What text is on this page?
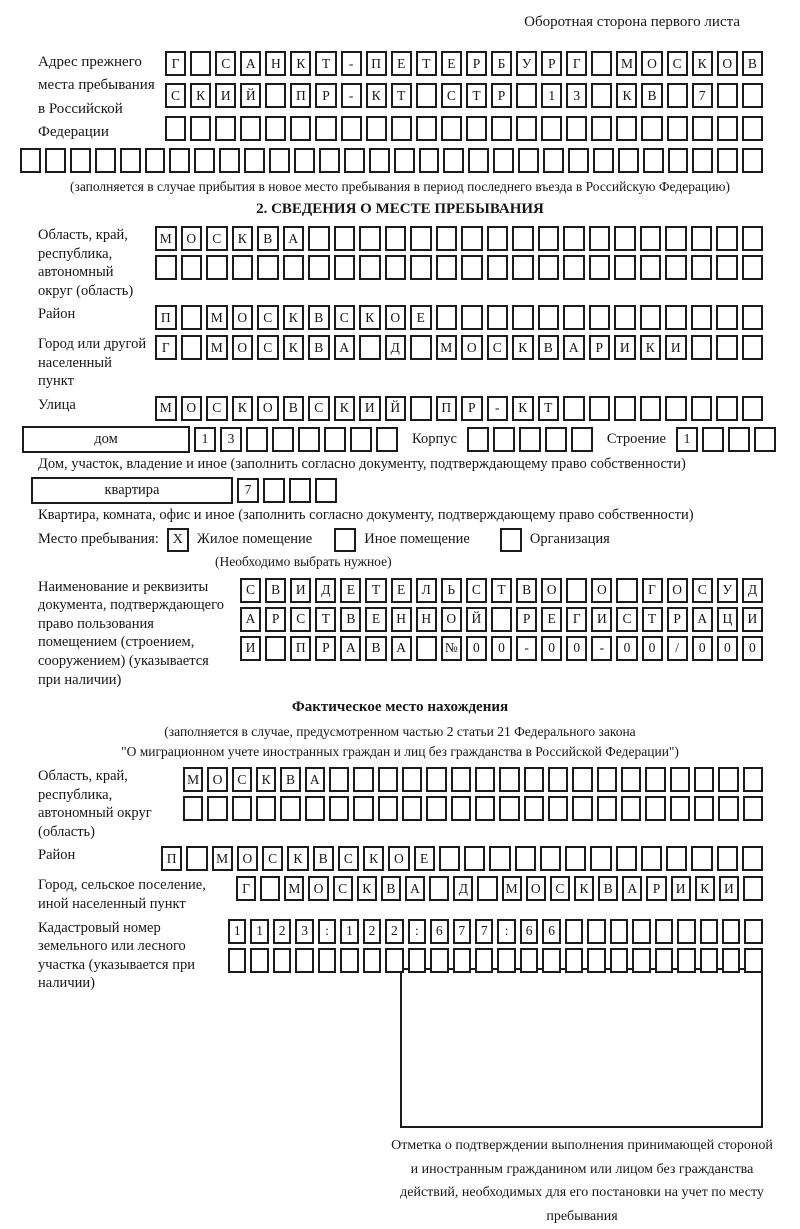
Оборотная сторона первого листа
Адрес прежнего места пребывания в Российской Федерации
Г	С	А	Н	К	Т	-	П	Е	Т	Е	Р	Б	У	Р	Г	М	О	С	К	О	В
С	К	И	Й	П	Р	-	К	Т	С	Т	Р	1	3	К	В	7
(заполняется в случае прибытия в новое место пребывания в период последнего въезда в Российскую Федерацию)
2. СВЕДЕНИЯ О МЕСТЕ ПРЕБЫВАНИЯ
Область, край, республика, автономный округ (область)
М	О	С	К	В	А
Район	П	М	О	С	К	В	С	К	О	Е
Город или другой населенный пункт
Г	М	О	С	К	В	А	Д	М	О	С	К	В	А	Р	И	К	И
Улица	М	О	С	К	О	В	С	К	И	Й	П	Р	-	К	Т
дом	1	3	Корпус	Строение	1
Дом, участок, владение и иное (заполнить согласно документу, подтверждающему право собственности)
квартира	7
Квартира, комната, офис и иное (заполнить согласно документу, подтверждающему право собственности)
Место пребывания: X Жилое помещение	Иное помещение	Организация
(Необходимо выбрать нужное)
Наименование и реквизиты документа, подтверждающего право пользования помещением (строением, сооружением) (указывается при наличии)
С	В	И	Д	Е	Т	Е	Л	Ь	С	Т	В	О	О	Г	О	С	У	Д
А	Р	С	Т	В	Е	Н	Н	О	Й	Р	Е	Г	И	С	Т	Р	А	Ц	И
И	П	Р	А	В	А	№	0	0	-	0	0	-	0	0	/	0	0	0
Фактическое место нахождения
(заполняется в случае, предусмотренном частью 2 статьи 21 Федерального закона
"О миграционном учете иностранных граждан и лиц без гражданства в Российской Федерации")
Область, край, республика, автономный округ (область)
М О	С	К	В	А
Район	П	М	О	С	К	В	С	К	О	Е
Город, сельское поселение, иной населенный пункт
Г	М О	С	К	В	А	Д	М О	С	К	В	А	Р	И	К	И
Кадастровый номер земельного или лесного участка (указывается при наличии)
1	1	2	3	:	1	2	2	:	6	7	7	:	6	6
Отметка о подтверждении выполнения принимающей стороной и иностранным гражданином или лицом без гражданства действий, необходимых для его постановки на учет по месту пребывания
